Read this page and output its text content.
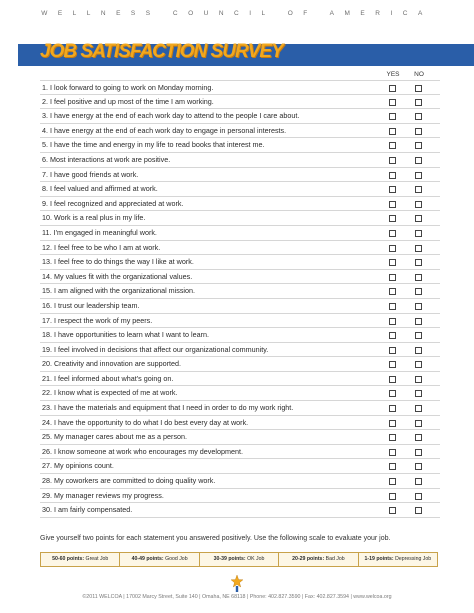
WELLNESS COUNCIL OF AMERICA
JOB SATISFACTION SURVEY
YES	NO
1. I look forward to going to work on Monday morning.
2. I feel positive and up most of the time I am working.
3. I have energy at the end of each work day to attend to the people I care about.
4. I have energy at the end of each work day to engage in personal interests.
5. I have the time and energy in my life to read books that interest me.
6. Most interactions at work are positive.
7. I have good friends at work.
8. I feel valued and affirmed at work.
9. I feel recognized and appreciated at work.
10. Work is a real plus in my life.
11. I’m engaged in meaningful work.
12. I feel free to be who I am at work.
13. I feel free to do things the way I like at work.
14. My values fit with the organizational values.
15. I am aligned with the organizational mission.
16. I trust our leadership team.
17. I respect the work of my peers.
18. I have opportunities to learn what I want to learn.
19. I feel involved in decisions that affect our organizational community.
20. Creativity and innovation are supported.
21. I feel informed about what’s going on.
22. I know what is expected of me at work.
23. I have the materials and equipment that I need in order to do my work right.
24. I have the opportunity to do what I do best every day at work.
25. My manager cares about me as a person.
26. I know someone at work who encourages my development.
27. My opinions count.
28. My coworkers are committed to doing quality work.
29. My manager reviews my progress.
30. I am fairly compensated.
Give yourself two points for each statement you answered positively. Use the following scale to evaluate your job.
50-60 points: Great Job	40-49 points: Good Job	30-39 points: OK Job	20-29 points: Bad Job	1-19 points: Depressing Job
©2011 WELCOA | 17002 Marcy Street, Suite 140 | Omaha, NE 68118 | Phone: 402.827.3590 | Fax: 402.827.3594 | www.welcoa.org
